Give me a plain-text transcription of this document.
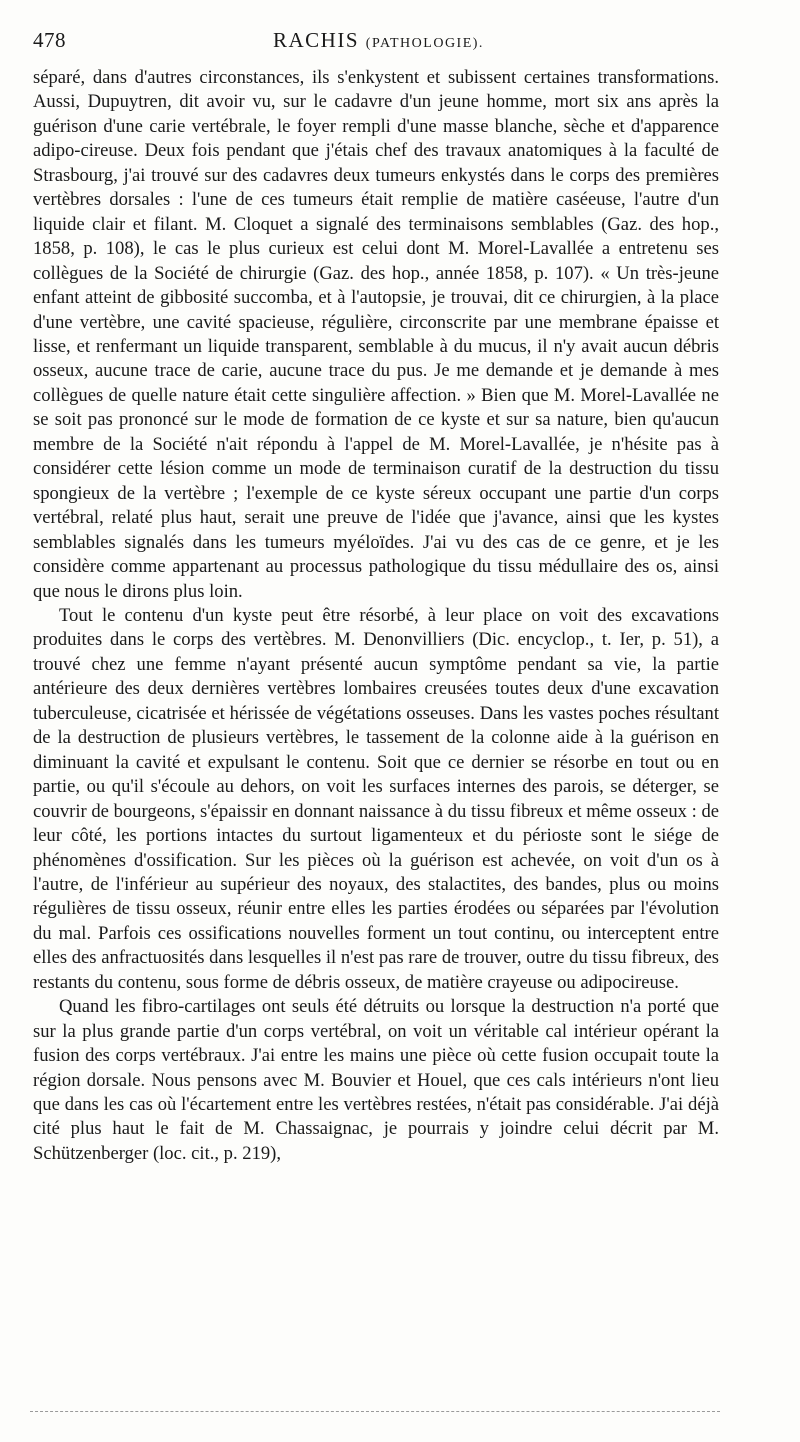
478	RACHIS (PATHOLOGIE).

séparé, dans d'autres circonstances, ils s'enkystent et subissent certaines transformations. Aussi, Dupuytren, dit avoir vu, sur le cadavre d'un jeune homme, mort six ans après la guérison d'une carie vertébrale, le foyer rempli d'une masse blanche, sèche et d'apparence adipo-cireuse. Deux fois pendant que j'étais chef des travaux anatomiques à la faculté de Strasbourg, j'ai trouvé sur des cadavres deux tumeurs enkystés dans le corps des premières vertèbres dorsales : l'une de ces tumeurs était remplie de matière caséeuse, l'autre d'un liquide clair et filant. M. Cloquet a signalé des terminaisons semblables (Gaz. des hop., 1858, p. 108), le cas le plus curieux est celui dont M. Morel-Lavallée a entretenu ses collègues de la Société de chirurgie (Gaz. des hop., année 1858, p. 107). « Un très-jeune enfant atteint de gibbosité succomba, et à l'autopsie, je trouvai, dit ce chirurgien, à la place d'une vertèbre, une cavité spacieuse, régulière, circonscrite par une membrane épaisse et lisse, et renfermant un liquide transparent, semblable à du mucus, il n'y avait aucun débris osseux, aucune trace de carie, aucune trace du pus. Je me demande et je demande à mes collègues de quelle nature était cette singulière affection. » Bien que M. Morel-Lavallée ne se soit pas prononcé sur le mode de formation de ce kyste et sur sa nature, bien qu'aucun membre de la Société n'ait répondu à l'appel de M. Morel-Lavallée, je n'hésite pas à considérer cette lésion comme un mode de terminaison curatif de la destruction du tissu spongieux de la vertèbre ; l'exemple de ce kyste séreux occupant une partie d'un corps vertébral, relaté plus haut, serait une preuve de l'idée que j'avance, ainsi que les kystes semblables signalés dans les tumeurs myéloïdes. J'ai vu des cas de ce genre, et je les considère comme appartenant au processus pathologique du tissu médullaire des os, ainsi que nous le dirons plus loin.

Tout le contenu d'un kyste peut être résorbé, à leur place on voit des excavations produites dans le corps des vertèbres. M. Denonvilliers (Dic. encyclop., t. Ier, p. 51), a trouvé chez une femme n'ayant présenté aucun symptôme pendant sa vie, la partie antérieure des deux dernières vertèbres lombaires creusées toutes deux d'une excavation tuberculeuse, cicatrisée et hérissée de végétations osseuses. Dans les vastes poches résultant de la destruction de plusieurs vertèbres, le tassement de la colonne aide à la guérison en diminuant la cavité et expulsant le contenu. Soit que ce dernier se résorbe en tout ou en partie, ou qu'il s'écoule au dehors, on voit les surfaces internes des parois, se déterger, se couvrir de bourgeons, s'épaissir en donnant naissance à du tissu fibreux et même osseux : de leur côté, les portions intactes du surtout ligamenteux et du périoste sont le siége de phénomènes d'ossification. Sur les pièces où la guérison est achevée, on voit d'un os à l'autre, de l'inférieur au supérieur des noyaux, des stalactites, des bandes, plus ou moins régulières de tissu osseux, réunir entre elles les parties érodées ou séparées par l'évolution du mal. Parfois ces ossifications nouvelles forment un tout continu, ou interceptent entre elles des anfractuosités dans lesquelles il n'est pas rare de trouver, outre du tissu fibreux, des restants du contenu, sous forme de débris osseux, de matière crayeuse ou adipocireuse.

Quand les fibro-cartilages ont seuls été détruits ou lorsque la destruction n'a porté que sur la plus grande partie d'un corps vertébral, on voit un véritable cal intérieur opérant la fusion des corps vertébraux. J'ai entre les mains une pièce où cette fusion occupait toute la région dorsale. Nous pensons avec M. Bouvier et Houel, que ces cals intérieurs n'ont lieu que dans les cas où l'écartement entre les vertèbres restées, n'était pas considérable. J'ai déjà cité plus haut le fait de M. Chassaignac, je pourrais y joindre celui décrit par M. Schützenberger (loc. cit., p. 219),
